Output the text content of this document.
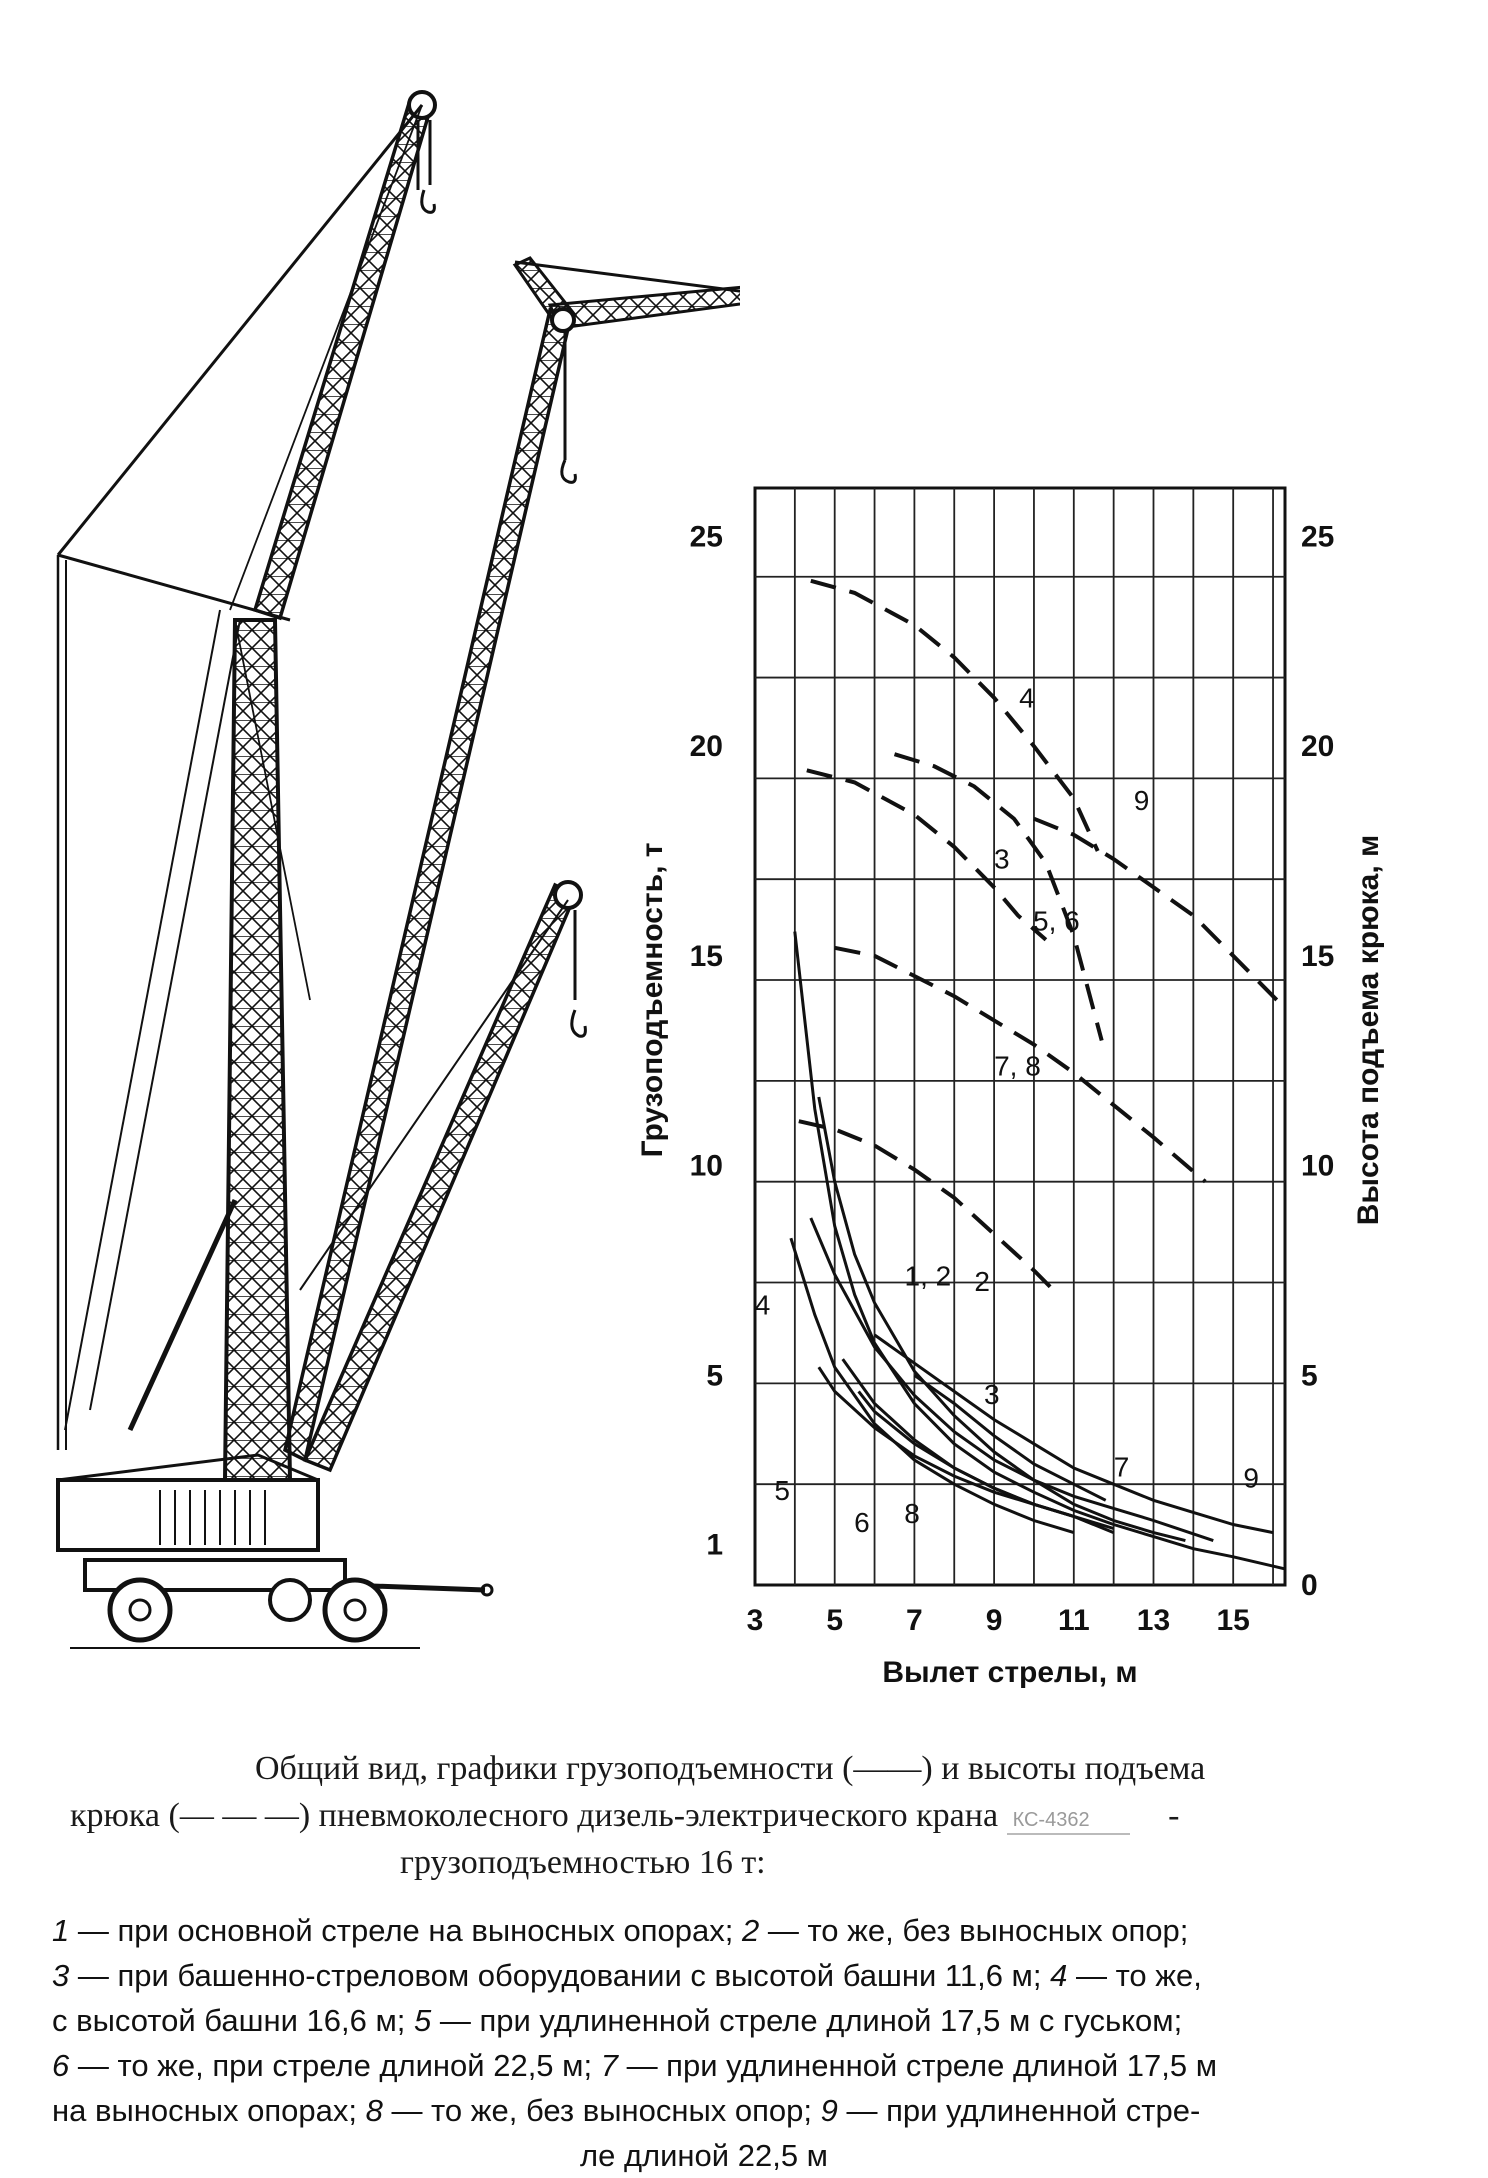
3 5 7 9 11 13 15
1
5
10
15
20
25
0
5
10
15
20
25
2
3
4
5
6
7
8
9
4
5, 6
3
9
7, 8
1, 2
Вылет стрелы, м
Грузоподъемность, т	Высота подъема крюка, м
Общий вид, графики грузоподъемности (——) и высоты подъема
крюка (— — —) пневмоколесного дизель-электрического крана КС-4362 -
грузоподъемностью 16 т:
1 — при основной стреле на выносных опорах; 2 — то же, без выносных опор;
3 — при башенно-стреловом оборудовании с высотой башни 11,6 м; 4 — то же,
с высотой башни 16,6 м; 5 — при удлиненной стреле длиной 17,5 м с гуськом;
6 — то же, при стреле длиной 22,5 м; 7 — при удлиненной стреле длиной 17,5 м
на выносных опорах; 8 — то же, без выносных опор; 9 — при удлиненной стре-
ле длиной 22,5 м
